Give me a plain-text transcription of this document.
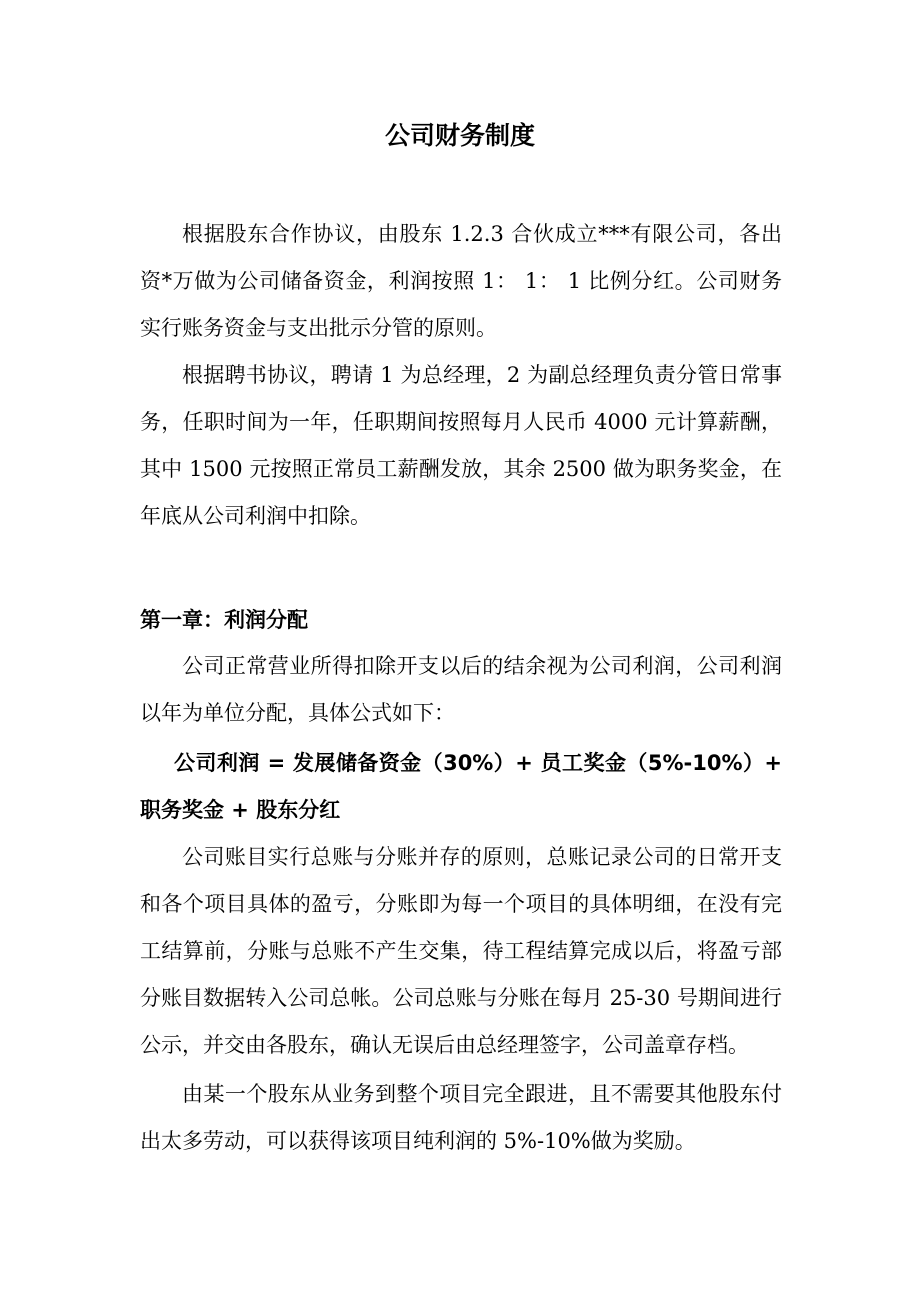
公司财务制度

根据股东合作协议，由股东 1.2.3 合伙成立***有限公司，各出资*万做为公司储备资金，利润按照 1： 1： 1 比例分红。公司财务实行账务资金与支出批示分管的原则。

根据聘书协议，聘请 1 为总经理，2 为副总经理负责分管日常事务，任职时间为一年，任职期间按照每月人民币 4000 元计算薪酬，其中 1500 元按照正常员工薪酬发放，其余 2500 做为职务奖金，在年底从公司利润中扣除。

第一章：利润分配

公司正常营业所得扣除开支以后的结余视为公司利润，公司利润以年为单位分配，具体公式如下：

公司利润 = 发展储备资金（30%）+ 员工奖金（5%-10%）+ 职务奖金 + 股东分红

公司账目实行总账与分账并存的原则，总账记录公司的日常开支和各个项目具体的盈亏，分账即为每一个项目的具体明细，在没有完工结算前，分账与总账不产生交集，待工程结算完成以后，将盈亏部分账目数据转入公司总帐。公司总账与分账在每月 25-30 号期间进行公示，并交由各股东，确认无误后由总经理签字，公司盖章存档。

由某一个股东从业务到整个项目完全跟进，且不需要其他股东付出太多劳动，可以获得该项目纯利润的 5%-10%做为奖励。
